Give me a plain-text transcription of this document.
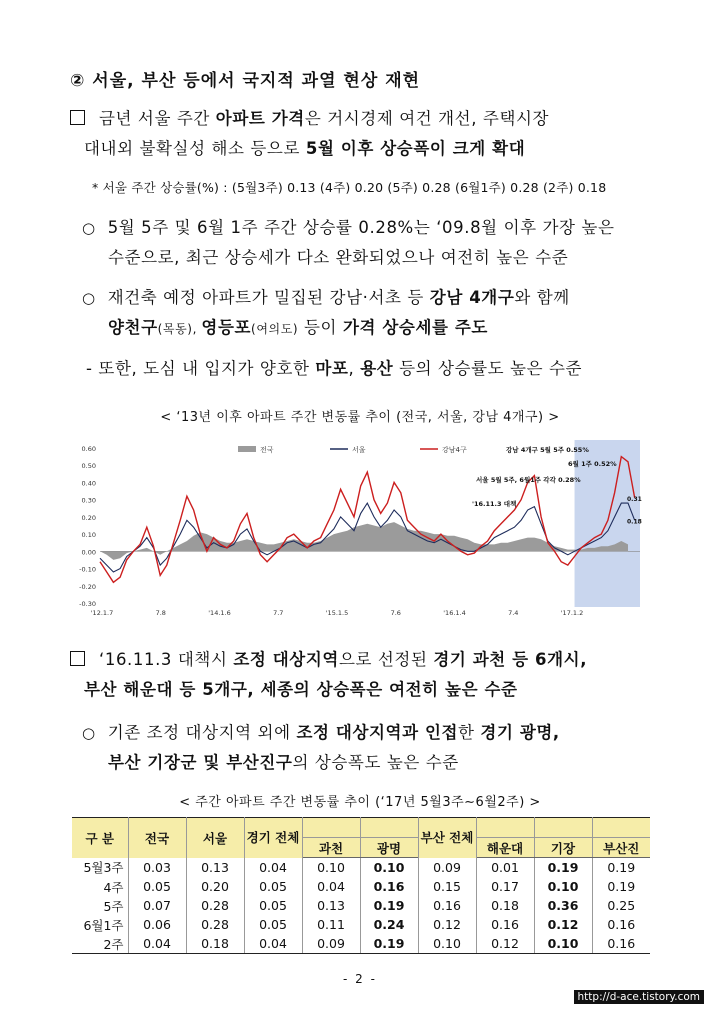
② 서울, 부산 등에서 국지적 과열 현상 재현
금년 서울 주간 아파트 가격은 거시경제 여건 개선, 주택시장
대내외 불확실성 해소 등으로 5월 이후 상승폭이 크게 확대
* 서울 주간 상승률(%) : (5월3주) 0.13 (4주) 0.20 (5주) 0.28 (6월1주) 0.28 (2주) 0.18
○ 5월 5주 및 6월 1주 주간 상승률 0.28%는 ‘09.8월 이후 가장 높은
수준으로, 최근 상승세가 다소 완화되었으나 여전히 높은 수준
○ 재건축 예정 아파트가 밀집된 강남·서초 등 강남 4개구와 함께
양천구(목동), 영등포(여의도) 등이 가격 상승세를 주도
- 또한, 도심 내 입지가 양호한 마포, 용산 등의 상승률도 높은 수준
< ‘13년 이후 아파트 주간 변동률 추이 (전국, 서울, 강남 4개구) >
0.60
0.50
0.40
0.30
0.20
0.10
0.00
-0.10
-0.20
-0.30
'12.1.7	7.8	'14.1.6	7.7	'15.1.5	7.6	'16.1.4	7.4	'17.1.2
전국	서울	강남4구	강남 4개구 5월 5주 0.55%
6월 1주 0.52%
서울 5월 5주, 6월1주 각각 0.28%
'16.11.3 대책
0.31
0.18
‘16.11.3 대책시 조정 대상지역으로 선정된 경기 과천 등 6개시,
부산 해운대 등 5개구, 세종의 상승폭은 여전히 높은 수준
○ 기존 조정 대상지역 외에 조정 대상지역과 인접한 경기 광명,
부산 기장군 및 부산진구의 상승폭도 높은 수준
< 주간 아파트 주간 변동률 추이 (‘17년 5월3주∼6월2주) >
구 분	전국	서울	경기 전체			부산 전체			
				과천	광명		해운대	기장	부산진
5월3주	0.03	0.13	0.04	0.10	0.10	0.09	0.01	0.19	0.19
4주	0.05	0.20	0.05	0.04	0.16	0.15	0.17	0.10	0.19
5주	0.07	0.28	0.05	0.13	0.19	0.16	0.18	0.36	0.25
6월1주	0.06	0.28	0.05	0.11	0.24	0.12	0.16	0.12	0.16
2주	0.04	0.18	0.04	0.09	0.19	0.10	0.12	0.10	0.16
- 2 -
http://d-ace.tistory.com
